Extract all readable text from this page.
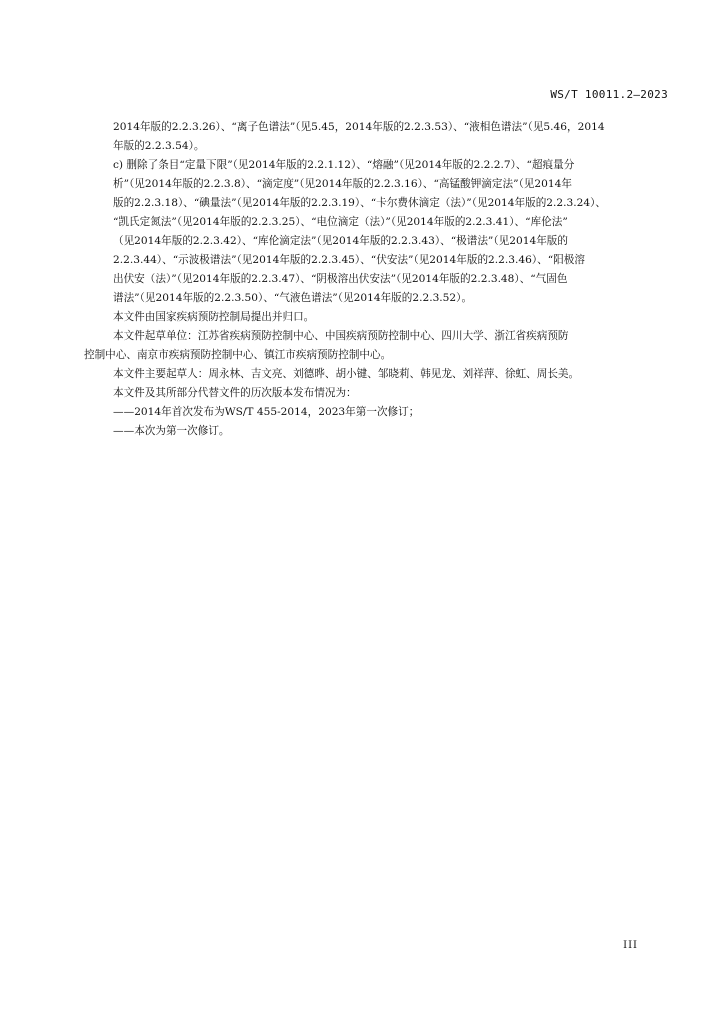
WS/T 10011.2—2023
2014年版的2.2.3.26）、“离子色谱法”（见5.45，2014年版的2.2.3.53）、“液相色谱法”（见5.46，2014
年版的2.2.3.54）。
c) 删除了条目“定量下限”（见2014年版的2.2.1.12）、“熔融”（见2014年版的2.2.2.7）、“超痕量分
析”（见2014年版的2.2.3.8）、“滴定度”（见2014年版的2.2.3.16）、“高锰酸钾滴定法”（见2014年
版的2.2.3.18）、“碘量法”（见2014年版的2.2.3.19）、“卡尔费休滴定（法）”（见2014年版的2.2.3.24）、
“凯氏定氮法”（见2014年版的2.2.3.25）、“电位滴定（法）”（见2014年版的2.2.3.41）、“库伦法”
（见2014年版的2.2.3.42）、“库伦滴定法”（见2014年版的2.2.3.43）、“极谱法”（见2014年版的
2.2.3.44）、“示波极谱法”（见2014年版的2.2.3.45）、“伏安法”（见2014年版的2.2.3.46）、“阳极溶
出伏安（法）”（见2014年版的2.2.3.47）、“阴极溶出伏安法”（见2014年版的2.2.3.48）、“气固色
谱法”（见2014年版的2.2.3.50）、“气液色谱法”（见2014年版的2.2.3.52）。
本文件由国家疾病预防控制局提出并归口。
本文件起草单位：江苏省疾病预防控制中心、中国疾病预防控制中心、四川大学、浙江省疾病预防
控制中心、南京市疾病预防控制中心、镇江市疾病预防控制中心。
本文件主要起草人：周永林、吉文亮、刘德晔、胡小键、邹晓莉、韩见龙、刘祥萍、徐虹、周长美。
本文件及其所部分代替文件的历次版本发布情况为：
——2014年首次发布为WS/T 455-2014，2023年第一次修订；
——本次为第一次修订。
III
